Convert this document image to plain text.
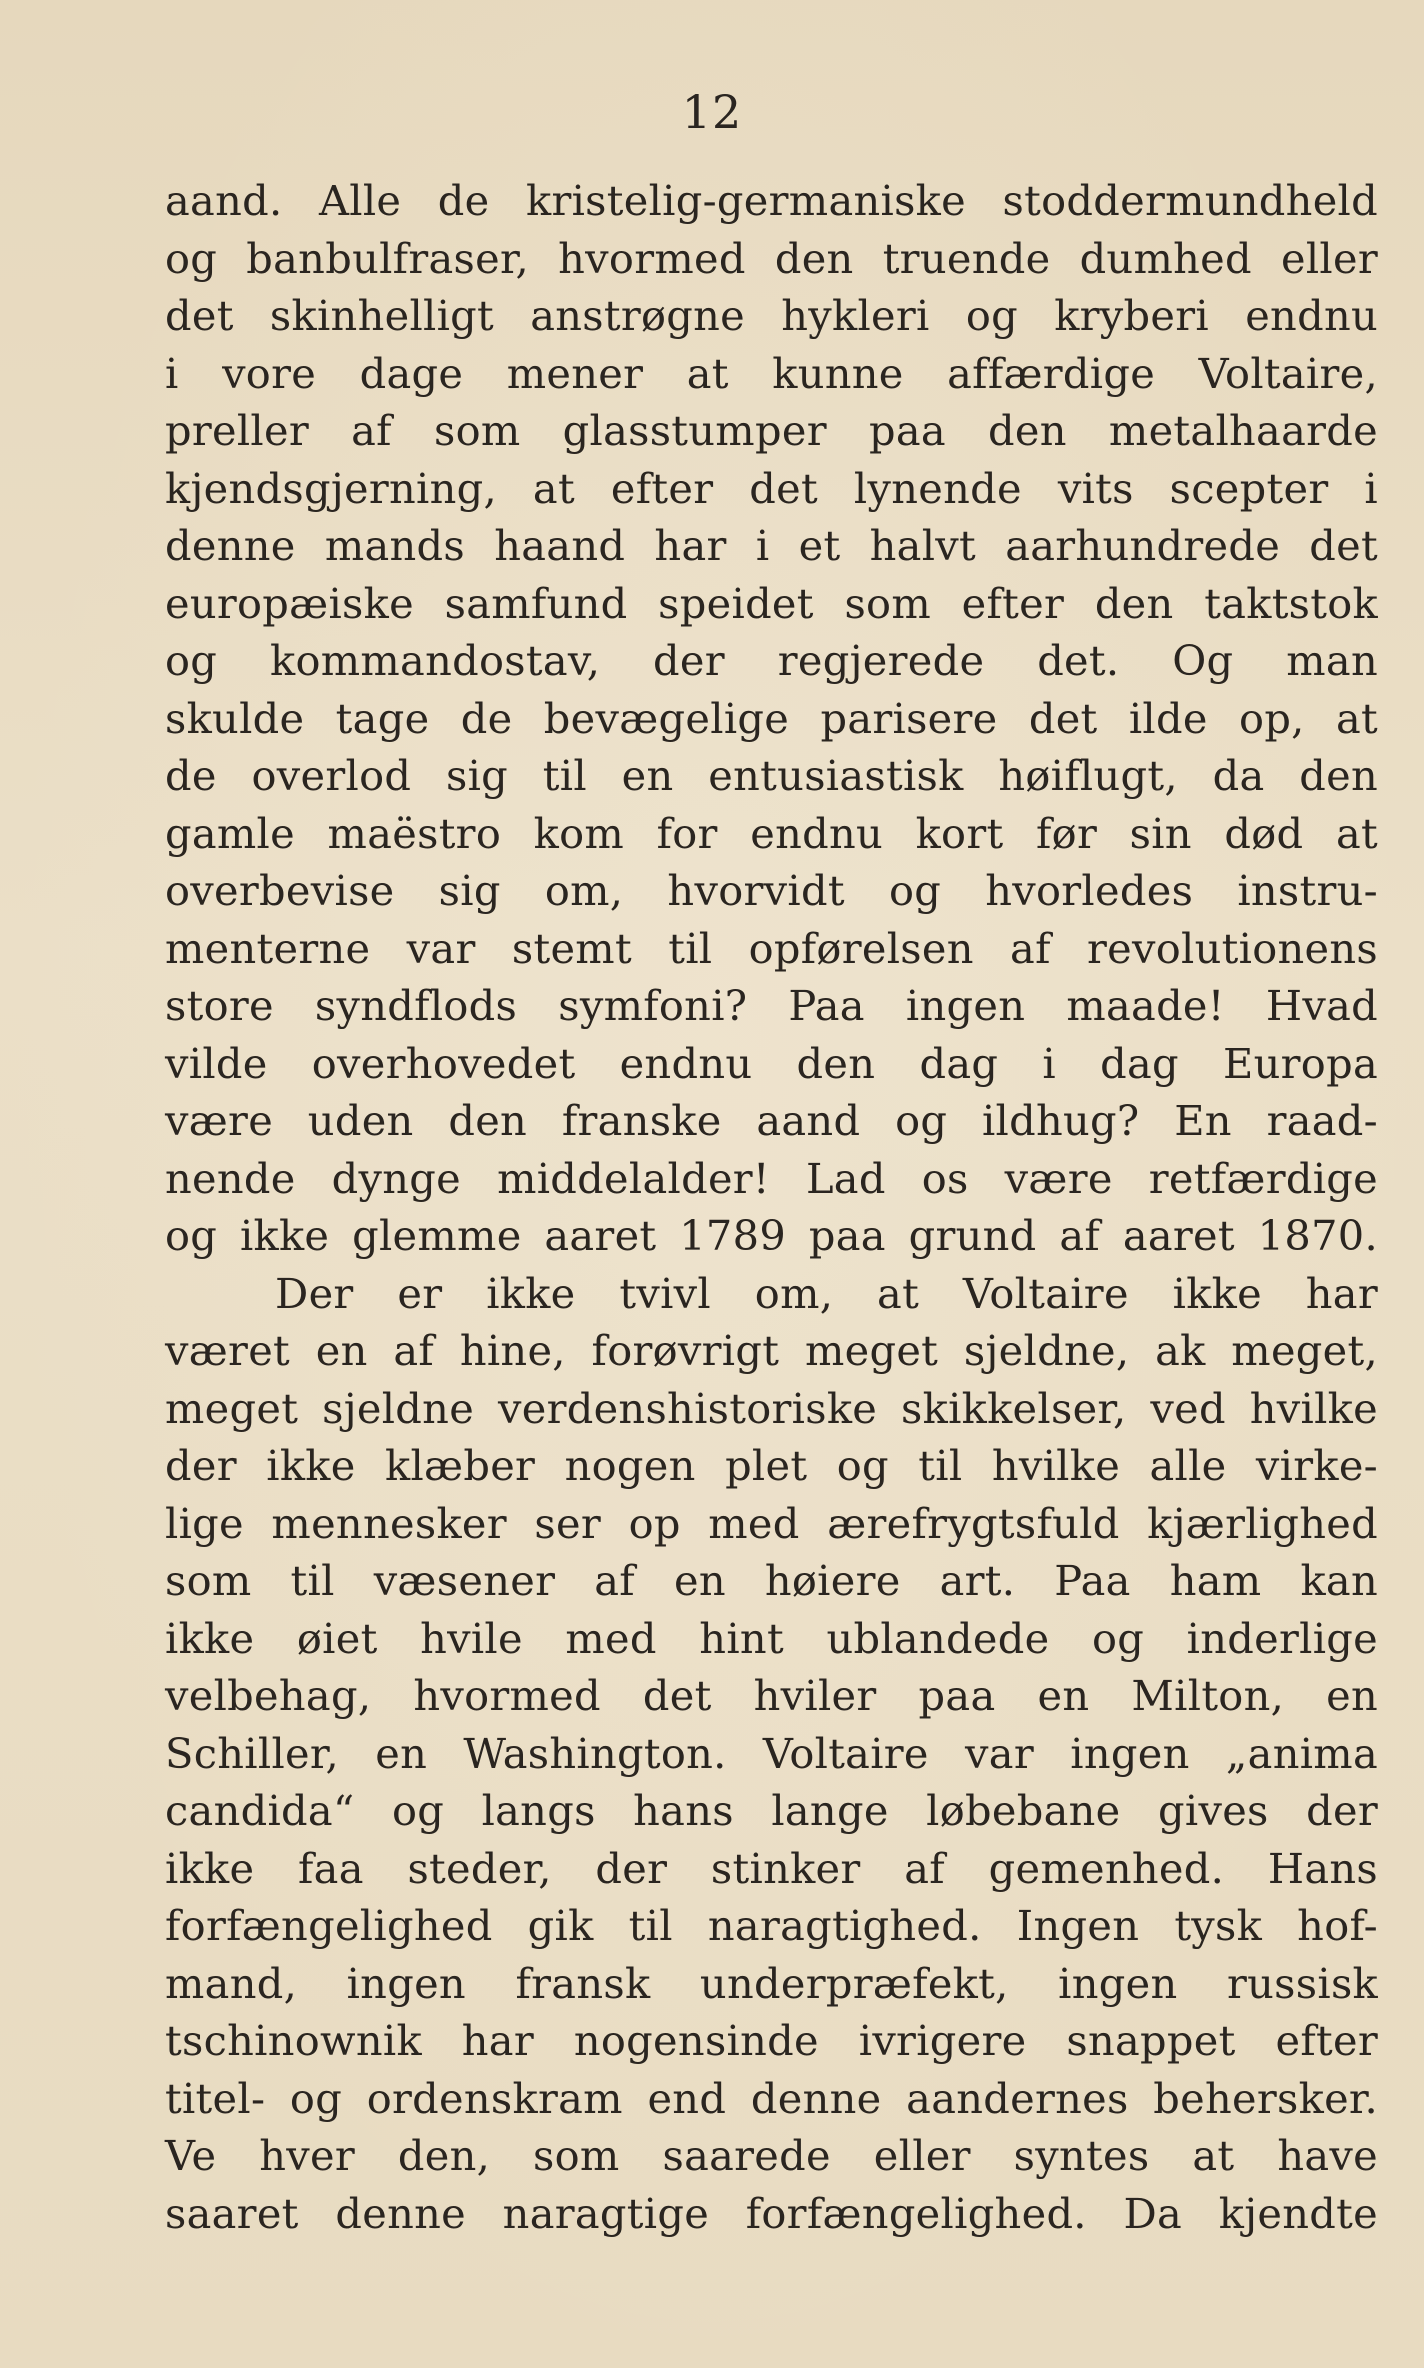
12
aand. Alle de kristelig-germaniske stoddermundheld
og banbulfraser, hvormed den truende dumhed eller
det skinhelligt anstrøgne hykleri og kryberi endnu
i vore dage mener at kunne affærdige Voltaire,
preller af som glasstumper paa den metalhaarde
kjendsgjerning, at efter det lynende vits scepter i
denne mands haand har i et halvt aarhundrede det
europæiske samfund speidet som efter den taktstok
og kommandostav, der regjerede det. Og man
skulde tage de bevægelige parisere det ilde op, at
de overlod sig til en entusiastisk høiflugt, da den
gamle maëstro kom for endnu kort før sin død at
overbevise sig om, hvorvidt og hvorledes instru-
menterne var stemt til opførelsen af revolutionens
store syndflods symfoni? Paa ingen maade! Hvad
vilde overhovedet endnu den dag i dag Europa
være uden den franske aand og ildhug? En raad-
nende dynge middelalder! Lad os være retfærdige
og ikke glemme aaret 1789 paa grund af aaret 1870.
Der er ikke tvivl om, at Voltaire ikke har
været en af hine, forøvrigt meget sjeldne, ak meget,
meget sjeldne verdenshistoriske skikkelser, ved hvilke
der ikke klæber nogen plet og til hvilke alle virke-
lige mennesker ser op med ærefrygtsfuld kjærlighed
som til væsener af en høiere art. Paa ham kan
ikke øiet hvile med hint ublandede og inderlige
velbehag, hvormed det hviler paa en Milton, en
Schiller, en Washington. Voltaire var ingen „anima
candida“ og langs hans lange løbebane gives der
ikke faa steder, der stinker af gemenhed. Hans
forfængelighed gik til naragtighed. Ingen tysk hof-
mand, ingen fransk underpræfekt, ingen russisk
tschinownik har nogensinde ivrigere snappet efter
titel- og ordenskram end denne aandernes behersker.
Ve hver den, som saarede eller syntes at have
saaret denne naragtige forfængelighed. Da kjendte
